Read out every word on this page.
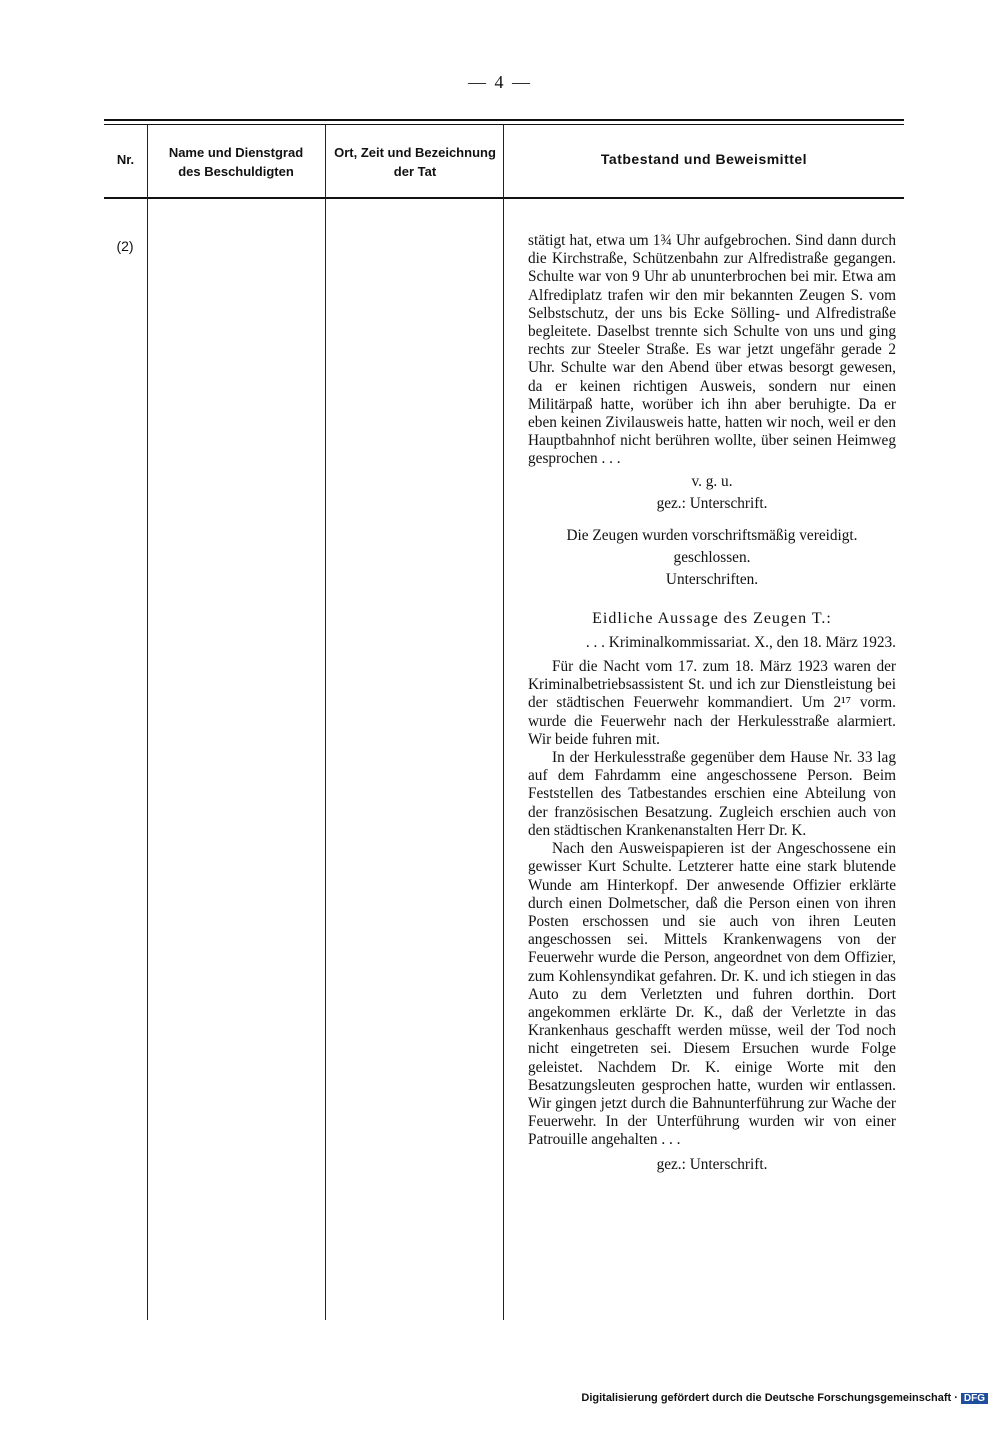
— 4 —
Nr.	Name und Dienstgrad des Beschuldigten
Ort, Zeit und Bezeichnung der Tat
Tatbestand und Beweismittel
(2)	stätigt hat, etwa um 1¾ Uhr aufgebrochen. Sind dann durch die Kirchstraße, Schützenbahn zur Alfredistraße gegangen. Schulte war von 9 Uhr ab ununterbrochen bei mir. Etwa am Alfrediplatz trafen wir den mir bekannten Zeugen S. vom Selbstschutz, der uns bis Ecke Sölling- und Alfredistraße begleitete. Daselbst trennte sich Schulte von uns und ging rechts zur Steeler Straße. Es war jetzt ungefähr gerade 2 Uhr. Schulte war den Abend über etwas besorgt gewesen, da er keinen richtigen Ausweis, sondern nur einen Militärpaß hatte, worüber ich ihn aber beruhigte. Da er eben keinen Zivilausweis hatte, hatten wir noch, weil er den Hauptbahnhof nicht berühren wollte, über seinen Heimweg gesprochen . . .

v. g. u.

gez.: Unterschrift.

Die Zeugen wurden vorschriftsmäßig vereidigt.

geschlossen.

Unterschriften.

Eidliche Aussage des Zeugen T.:

. . . Kriminalkommissariat. X., den 18. März 1923.

Für die Nacht vom 17. zum 18. März 1923 waren der Kriminalbetriebsassistent St. und ich zur Dienstleistung bei der städtischen Feuerwehr kommandiert. Um 2¹⁷ vorm. wurde die Feuerwehr nach der Herkulesstraße alarmiert. Wir beide fuhren mit.

In der Herkulesstraße gegenüber dem Hause Nr. 33 lag auf dem Fahrdamm eine angeschossene Person. Beim Feststellen des Tatbestandes erschien eine Abteilung von der französischen Besatzung. Zugleich erschien auch von den städtischen Krankenanstalten Herr Dr. K.

Nach den Ausweispapieren ist der Angeschossene ein gewisser Kurt Schulte. Letzterer hatte eine stark blutende Wunde am Hinterkopf. Der anwesende Offizier erklärte durch einen Dolmetscher, daß die Person einen von ihren Posten erschossen und sie auch von ihren Leuten angeschossen sei. Mittels Krankenwagens von der Feuerwehr wurde die Person, angeordnet von dem Offizier, zum Kohlensyndikat gefahren. Dr. K. und ich stiegen in das Auto zu dem Verletzten und fuhren dorthin. Dort angekommen erklärte Dr. K., daß der Verletzte in das Krankenhaus geschafft werden müsse, weil der Tod noch nicht eingetreten sei. Diesem Ersuchen wurde Folge geleistet. Nachdem Dr. K. einige Worte mit den Besatzungsleuten gesprochen hatte, wurden wir entlassen. Wir gingen jetzt durch die Bahnunterführung zur Wache der Feuerwehr. In der Unterführung wurden wir von einer Patrouille angehalten . . .

gez.: Unterschrift.

Digitalisierung gefördert durch die Deutsche Forschungsgemeinschaft · DFG
